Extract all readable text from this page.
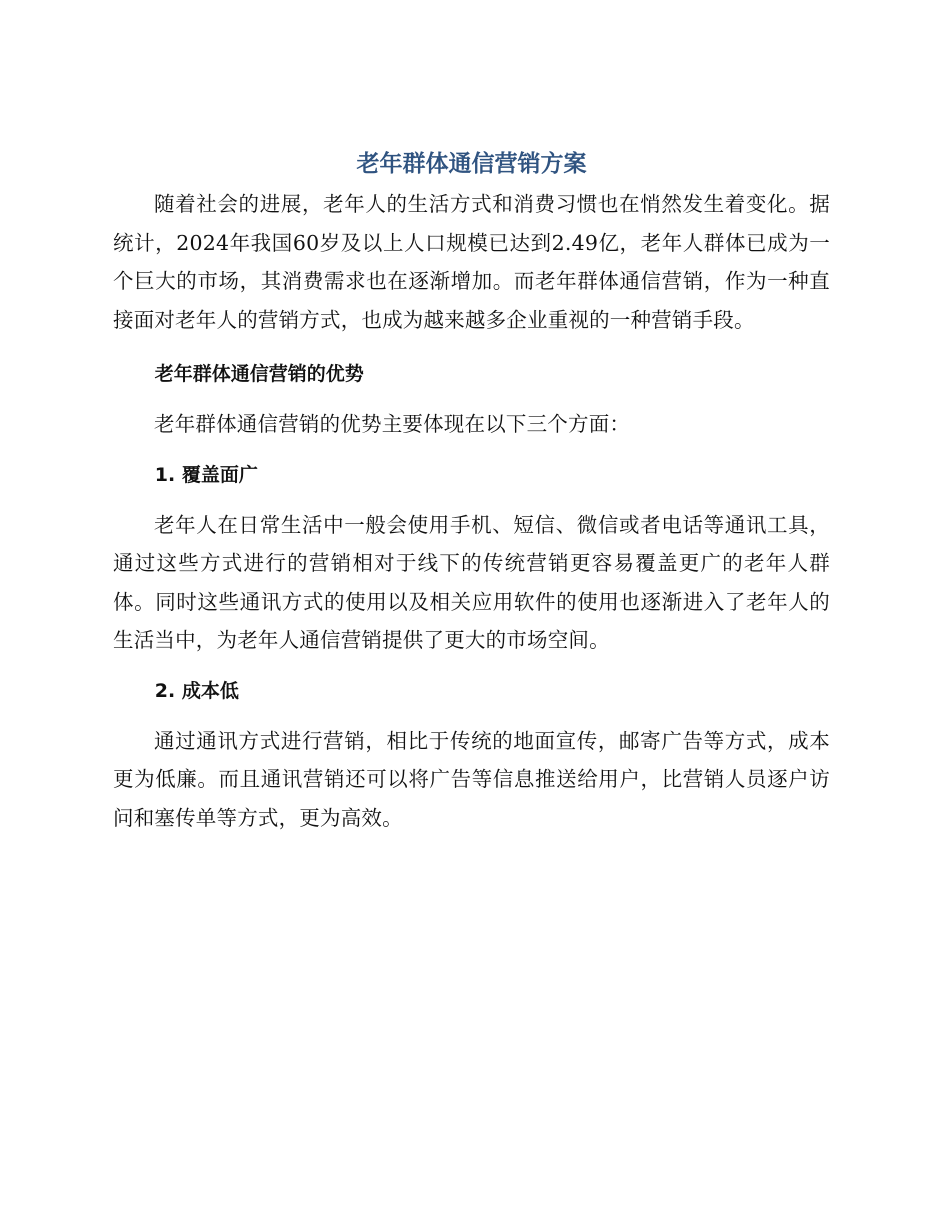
老年群体通信营销方案

随着社会的进展，老年人的生活方式和消费习惯也在悄然发生着变化。据统计，2024年我国60岁及以上人口规模已达到2.49亿，老年人群体已成为一个巨大的市场，其消费需求也在逐渐增加。而老年群体通信营销，作为一种直接面对老年人的营销方式，也成为越来越多企业重视的一种营销手段。

老年群体通信营销的优势

老年群体通信营销的优势主要体现在以下三个方面：

1. 覆盖面广

老年人在日常生活中一般会使用手机、短信、微信或者电话等通讯工具，通过这些方式进行的营销相对于线下的传统营销更容易覆盖更广的老年人群体。同时这些通讯方式的使用以及相关应用软件的使用也逐渐进入了老年人的生活当中，为老年人通信营销提供了更大的市场空间。

2. 成本低

通过通讯方式进行营销，相比于传统的地面宣传，邮寄广告等方式，成本更为低廉。而且通讯营销还可以将广告等信息推送给用户，比营销人员逐户访问和塞传单等方式，更为高效。
